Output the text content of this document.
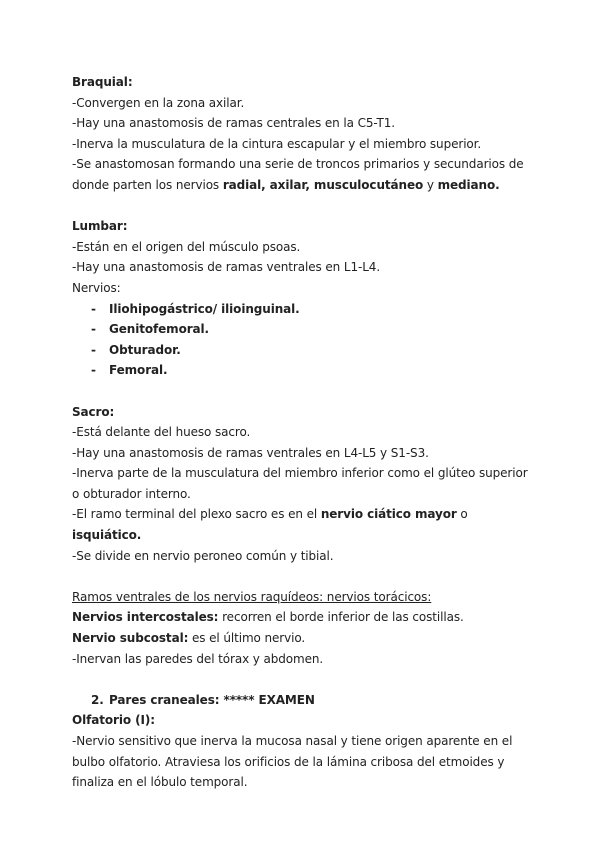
Braquial:

-Convergen en la zona axilar.

-Hay una anastomosis de ramas centrales en la C5-T1.

-Inerva la musculatura de la cintura escapular y el miembro superior.

-Se anastomosan formando una serie de troncos primarios y secundarios de

donde parten los nervios radial, axilar, musculocutáneo y mediano.

Lumbar:

-Están en el origen del músculo psoas.

-Hay una anastomosis de ramas ventrales en L1-L4.

Nervios:

- Iliohipogástrico/ ilioinguinal.
- Genitofemoral.
- Obturador.
- Femoral.

Sacro:

-Está delante del hueso sacro.

-Hay una anastomosis de ramas ventrales en L4-L5 y S1-S3.

-Inerva parte de la musculatura del miembro inferior como el glúteo superior

o obturador interno.

-El ramo terminal del plexo sacro es en el nervio ciático mayor o isquiático.

-Se divide en nervio peroneo común y tibial.

Ramos ventrales de los nervios raquídeos: nervios torácicos:

Nervios intercostales: recorren el borde inferior de las costillas.

Nervio subcostal: es el último nervio.

-Inervan las paredes del tórax y abdomen.

2. Pares craneales: ***** EXAMEN

Olfatorio (I):

-Nervio sensitivo que inerva la mucosa nasal y tiene origen aparente en el

bulbo olfatorio. Atraviesa los orificios de la lámina cribosa del etmoides y

finaliza en el lóbulo temporal.
